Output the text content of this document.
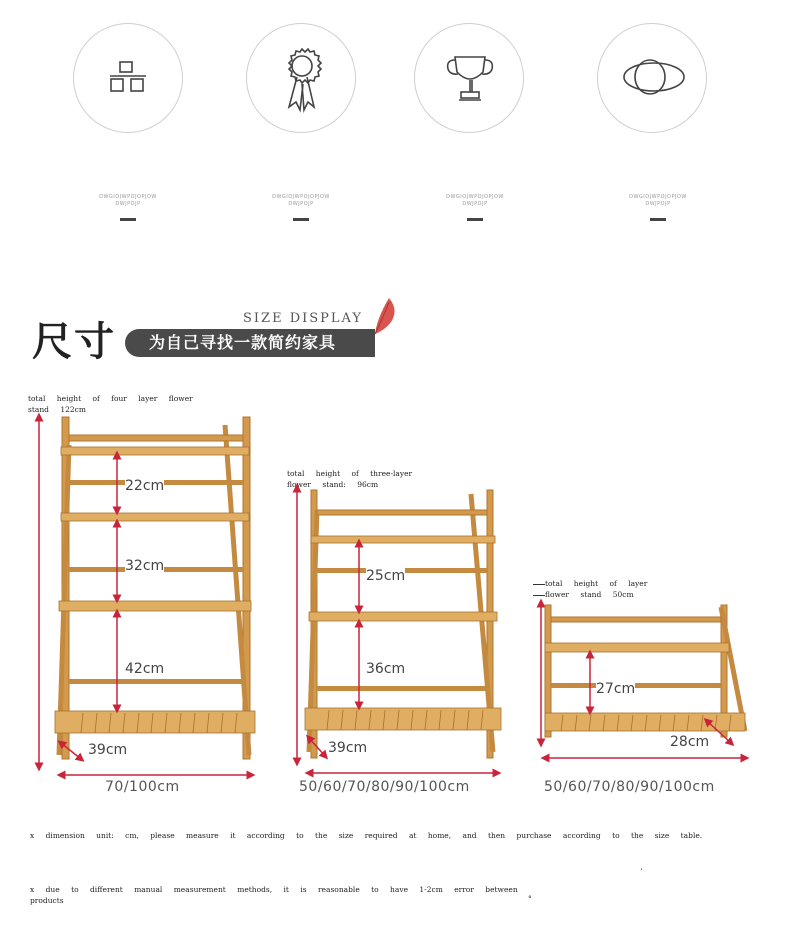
DWGIOJWPOJOPJOW
DWJPOJP
DWGIOJWPOJOPJOW
DWJPOJP
DWGIOJWPOJOPJOW
DWJPOJP
DWGIOJWPOJOPJOW
DWJPOJP
尺寸	SIZE DISPLAY
为自己寻找一款简约家具
total height of four layer flower stand 122cm
22cm
32cm
42cm
39cm
70/100cm
total height of three-layer flower stand: 96cm
25cm
36cm
39cm
50/60/70/80/90/100cm
total height of layer
flower stand 50cm
27cm
28cm
50/60/70/80/90/100cm
x dimension unit: cm, please measure it according to the size required at home, and then purchase according to the size table.
x due to different manual measurement methods, it is reasonable to have 1-2cm error between products
ʼ
°
